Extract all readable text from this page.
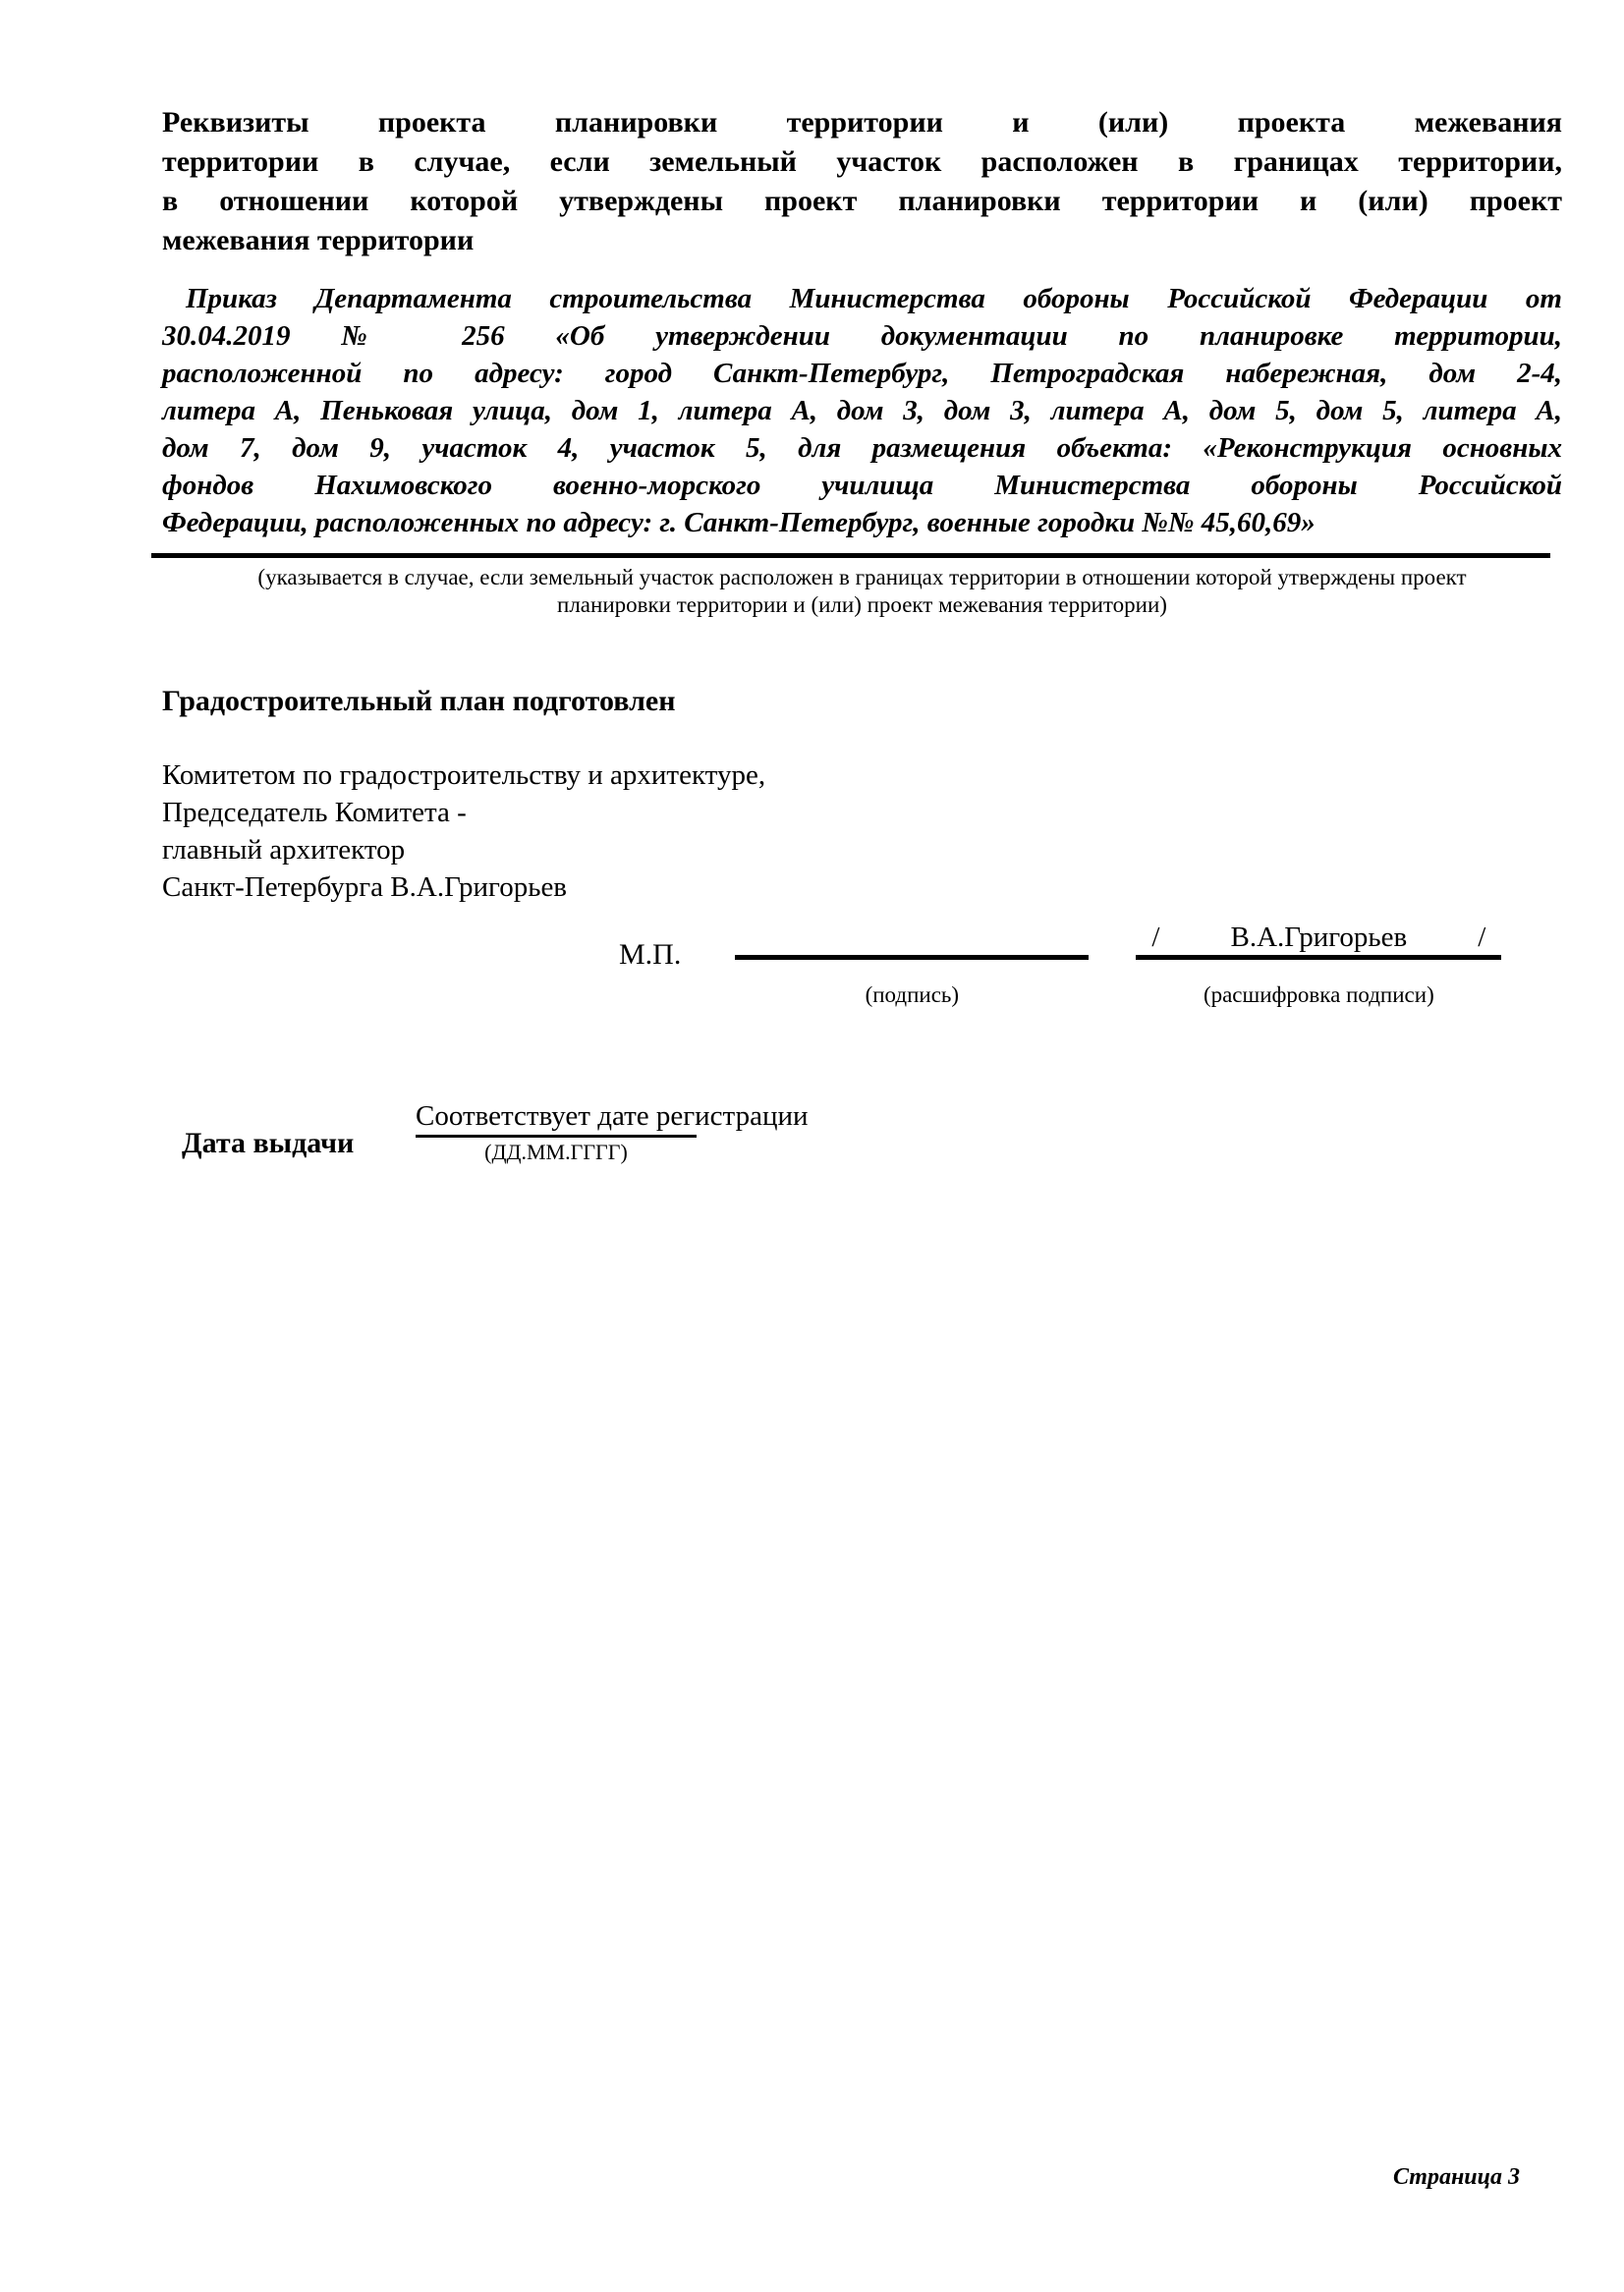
Реквизиты проекта планировки территории и (или) проекта межевания
территории в случае, если земельный участок расположен в границах территории,
в отношении которой утверждены проект планировки территории и (или) проект
межевания территории
Приказ Департамента строительства Министерства обороны Российской Федерации от
30.04.2019 № 256 «Об утверждении документации по планировке территории,
расположенной по адресу: город Санкт-Петербург, Петроградская набережная, дом 2-4,
литера А, Пеньковая улица, дом 1, литера А, дом 3, дом 3, литера А, дом 5, дом 5, литера А,
дом 7, дом 9, участок 4, участок 5, для размещения объекта: «Реконструкция основных
фондов Нахимовского военно-морского училища Министерства обороны Российской
Федерации, расположенных по адресу: г. Санкт-Петербург, военные городки №№ 45,60,69»
(указывается в случае, если земельный участок расположен в границах территории в отношении которой утверждены проект планировки территории и (или) проект межевания территории)
Градостроительный план подготовлен
Комитетом по градостроительству и архитектуре,
Председатель Комитета -
главный архитектор
Санкт-Петербурга В.А.Григорьев
М.П.
(подпись)
/ В.А.Григорьев /
(расшифровка подписи)
Дата выдачи
Соответствует дате регистрации
(ДД.ММ.ГГГГ)
Страница 3
